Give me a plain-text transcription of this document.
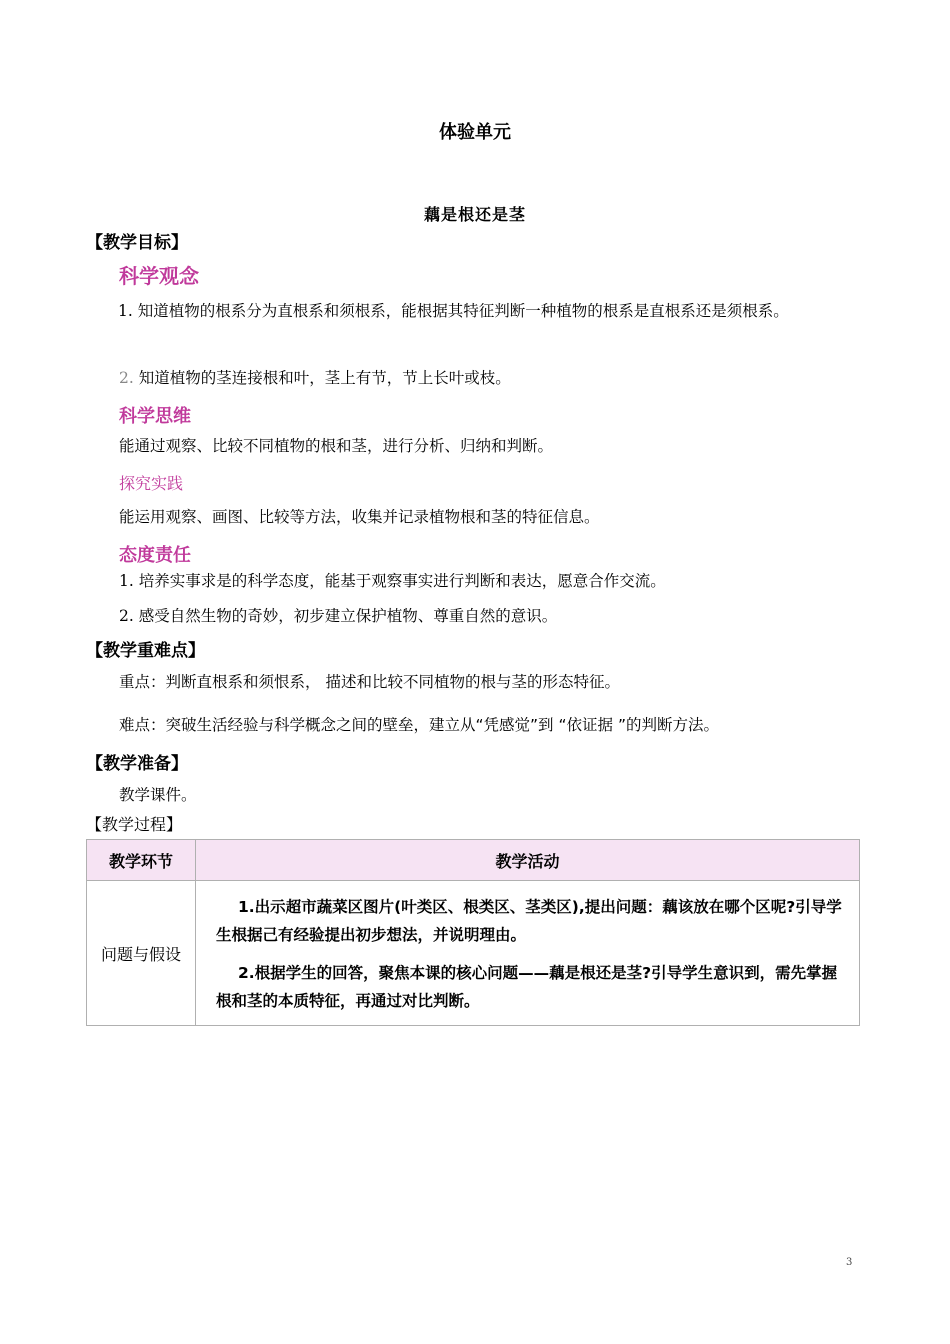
体验单元
藕是根还是茎
【教学目标】
科学观念
1. 知道植物的根系分为直根系和须根系，能根据其特征判断一种植物的根系是直根系还是须根系。
2. 知道植物的茎连接根和叶，茎上有节，节上长叶或枝。
科学思维
能通过观察、比较不同植物的根和茎，进行分析、归纳和判断。
探究实践
能运用观察、画图、比较等方法，收集并记录植物根和茎的特征信息。
态度责任
1. 培养实事求是的科学态度，能基于观察事实进行判断和表达，愿意合作交流。
2. 感受自然生物的奇妙，初步建立保护植物、尊重自然的意识。
【教学重难点】
重点：判断直根系和须恨系， 描述和比较不同植物的根与茎的形态特征。
难点：突破生活经验与科学概念之间的壁垒，建立从“凭感觉”到 “依证据 ”的判断方法。
【教学准备】
教学课件。
【教学过程】
教学环节	教学活动
问题与假设	1.出示超市蔬菜区图片(叶类区、根类区、茎类区),提出问题：藕该放在哪个区呢?引导学生根据己有经验提出初步想法，并说明理由。

2.根据学生的回答，聚焦本课的核心问题——藕是根还是茎?引导学生意识到，需先掌握根和茎的本质特征，再通过对比判断。

3
